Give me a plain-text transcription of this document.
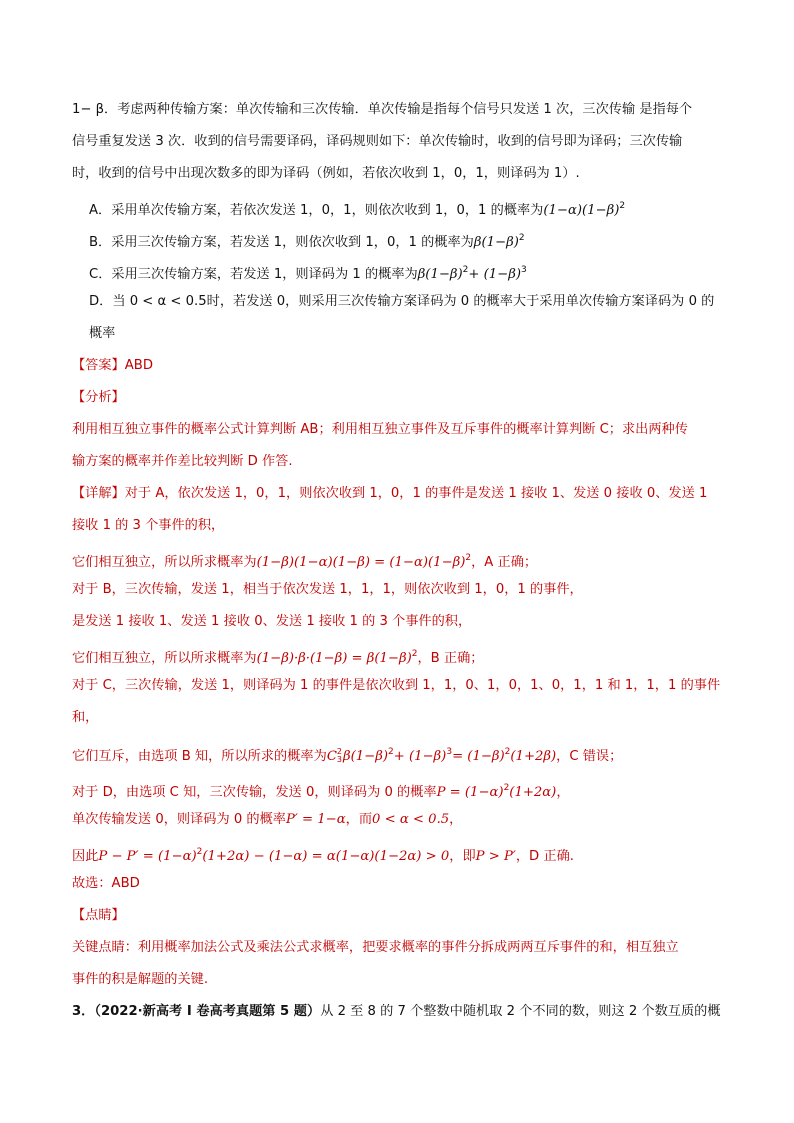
1− β．考虑两种传输方案：单次传输和三次传输．单次传输是指每个信号只发送 1 次，三次传输 是指每个
信号重复发送 3 次．收到的信号需要译码，译码规则如下：单次传输时，收到的信号即为译码；三次传输
时，收到的信号中出现次数多的即为译码（例如，若依次收到 1，0，1，则译码为 1）.
A．采用单次传输方案，若依次发送 1，0，1，则依次收到 1，0，1 的概率为$(1-\alpha)(1-\beta)^2$
B．采用三次传输方案，若发送 1，则依次收到 1，0，1 的概率为$\beta(1-\beta)^2$
C．采用三次传输方案，若发送 1，则译码为 1 的概率为$\beta(1-\beta)^2+ (1-\beta)^3$
D．当 0 < α < 0.5时，若发送 0，则采用三次传输方案译码为 0 的概率大于采用单次传输方案译码为 0 的
概率
【答案】ABD
【分析】
利用相互独立事件的概率公式计算判断 AB；利用相互独立事件及互斥事件的概率计算判断 C；求出两种传
输方案的概率并作差比较判断 D 作答.
【详解】对于 A，依次发送 1，0，1，则依次收到 1，0，1 的事件是发送 1 接收 1、发送 0 接收 0、发送 1
接收 1 的 3 个事件的积，
它们相互独立，所以所求概率为$(1-\beta)(1-\alpha)(1-\beta) = (1-\alpha)(1-\beta)^2$，A 正确；
对于 B，三次传输，发送 1，相当于依次发送 1，1，1，则依次收到 1，0，1 的事件，
是发送 1 接收 1、发送 1 接收 0、发送 1 接收 1 的 3 个事件的积，
它们相互独立，所以所求概率为$(1-\beta)\cdot\beta\cdot(1-\beta) = \beta(1-\beta)^2$，B 正确；
对于 C，三次传输，发送 1，则译码为 1 的事件是依次收到 1，1，0、1，0，1、0，1，1 和 1，1，1 的事件
和，
它们互斥，由选项 B 知，所以所求的概率为C 2
3 $\beta(1-\beta)^2+ (1-\beta)^3= (1-\beta)^2(1+2\beta)$，C 错误；
对于 D，由选项 C 知，三次传输，发送 0，则译码为 0 的概率$P = (1-\alpha)^2(1+2\alpha)$，
单次传输发送 0，则译码为 0 的概率P′ = 1−α，而0 < α < 0.5，
因此$P - P' = (1-\alpha)^2(1+2\alpha) - (1-\alpha) = \alpha(1-\alpha)(1-2\alpha) > 0$，即P > P′，D 正确.
故选：ABD
【点睛】
关键点睛：利用概率加法公式及乘法公式求概率，把要求概率的事件分拆成两两互斥事件的和，相互独立
事件的积是解题的关键.
3．（2022·新高考 I 卷高考真题第 5 题）从 2 至 8 的 7 个整数中随机取 2 个不同的数，则这 2 个数互质的概
